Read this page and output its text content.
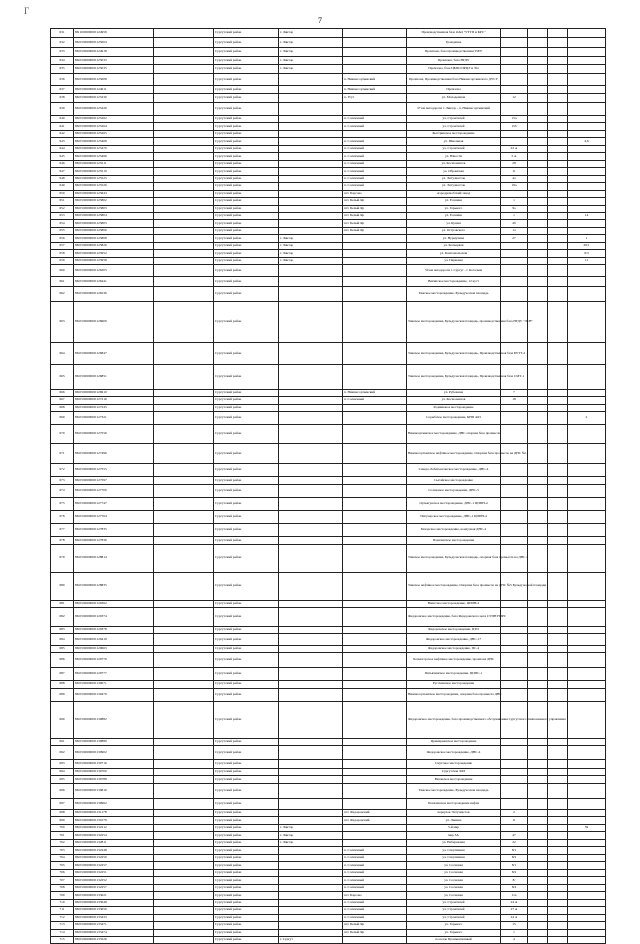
Г
7
631	86:10:0000000:124959		Сургутский район	г. Лянтор		Производственная база ОАО "УТТП и КРС"				
632	86:03:0000000:125004		Сургутский район	г. Лянтор		Гражданка				
633	86:03:0000000:124918		Сургутский район	г. Лянтор		Промзона, база производственная 35ЕУ				
634	86:03:0000000:125033		Сургутский район	г. Лянтор		Промзона, база НГДУ				
635	86:03:0000000:125035		Сургутский район	г. Лянтор		Промзона, база ЦБПО ПРЦЭ и ЭО				
636	86:03:0000000:125008		Сургутский район		п. Нижнесортымский	Промзона, Производственная база Нижнесортымского ДУСУ				
637	86:03:0000000:124611		Сургутский район		п. Нижнесортымский	Промзона				
638	86:03:0000000:125230		Сургутский район		п. Угут	ул. Молодежная	12			
639	86:03:0000000:125226		Сургутский район			37 км автодороги г. Лянтор - п. Нижнесортымский				
640	86:03:0000000:125262		Сургутский район		п. Солнечный	ул. Строителей	15а			
641	86:03:0000000:125264		Сургутский район		п. Солнечный	ул. Строителей	15б			
642	86:03:0000000:125265		Сургутский район			Быстринское месторождение				
643	86:03:0000000:125468		Сургутский район		п. Солнечный	ул. Школьная				4,6
644	86:03:0000000:125470		Сургутский район		п. Солнечный	ул. Строителей	22 А			
645	86:03:0000000:125496		Сургутский район		п. Солнечный	ул. Юности	5 А			
646	86:03:0000000:125511		Сургутский район		п. Солнечный	ул. Космонавтов	28			
647	86:03:0000000:125519		Сургутский район		п. Солнечный	ул. Обрамская	11			
648	86:03:0000000:125525		Сургутский район		п. Солнечный	ул. Энтузиастов	4а			
649	86:03:0000000:125526		Сургутский район		п. Солнечный	ул. Энтузиастов	19а			
650	86:03:0000000:125643		Сургутский район		пгт. Барсово	Аэродромобский завод				
651	86:03:0000000:125802		Сургутский район		пгт. Белый Яр	ул. Есенина	1			
652	86:03:0000000:125803		Сургутский район		пгт. Белый Яр	ул. Горького	9а			
653	86:03:0000000:125804		Сургутский район		пгт. Белый Яр	ул. Есенина	1			14
654	86:03:0000000:125805		Сургутский район		пгт. Белый Яр	ул. Кушая	4б			
655	86:03:0000000:125806		Сургутский район		пгт. Белый Яр	ул. Островского	1а			
656	86:03:0000000:125808		Сургутский район	г. Лянтор		ул. Нурмухина	27			1
657	86:03:0000000:125826		Сургутский район	г. Лянтор		ул. Кольцевая				29/1
658	86:03:0000000:125952		Сургутский район	г. Лянтор		ул. Комсомольская				6/3
659	86:03:0000000:125958		Сургутский район	г. Лянтор		ул. Парковая				11
660	86:03:0000000:126305		Сургутский район			50 км автодороги г. Сургут - г. Когалым				
661	86:03:0000000:126441		Сургутский район			Вяхинское месторождение, 12 куст				
662	86:03:0000000:126536		Сургутский район			Тяжское месторождение, Бульдуческая площадь				
663	86:03:0000000:126600		Сургутский район			Тяжское месторождение, Бульдуческая площадь, производственная база НГДУ "ЛСН"				
664	86:03:0000000:126847		Сургутский район			Тяжское месторождение, Бульдуческая площадь, Производственная база БУТТ-2				
665	86:03:0000000:126851		Сургутский район			Тяжское месторождение, Бульдуческая площадь, Производственная база СМТ-1				
666	86:03:0000000:126910		Сургутский район		п. Нижнесортымский	ул. Рубежная	7			
667	86:03:0000000:127216		Сургутский район		п. Солнечный	ул. Космонавтов	18			
668	86:03:0000000:127245		Сургутский район			Родниковое месторождение				
669	86:03:0000000:127321		Сургутский район			Сорыбское месторождение, КНП А63				2
670	86:03:0000000:127556		Сургутский район			Нижнеортымское месторождение, ДНС опорная база промысла				
671	86:03:0000000:127496		Сургутский район			Нижнесортымское нефтяное месторождение, Опорная база промысла на ДНС №1				
672	86:03:0000000:127555		Сургутский район			Северо-Лабатьюганское месторождение, ДНС-4				
673	86:03:0000000:127597		Сургутский район			Сыгайское месторождение				
674	86:03:0000000:127700		Сургутский район			Солнечное месторождение, ДНС-3				
675	86:03:0000000:127747		Сургутский район			Ортьягунское месторождение, ДНС-1 ЦППН-4				
676	86:03:0000000:127764		Сургутский район			Ингузерское месторождение, ДНС-1 ЦППН-4				
677	86:03:0000000:127835		Сургутский район			Бахорское месторождение, кондусная ДНС-4				
678	86:03:0000000:127836		Сургутский район			Покачевское месторождение				
679	86:03:0000000:128814		Сургутский район			Тяжское месторождение, Бульдуческая площадь, опорная база промысла на ДНС 2				
680	86:03:0000000:128835		Сургутский район			Тяжское нефтяное месторождение, Опорная база промысла на ДНС №5 Бульдуческой площади				
681	86:03:0000000:129362		Сургутский район			Вынгское месторождение, ЦППН-2				
682	86:03:0000000:129374		Сургутский район			Федоровское месторождение, база Федоровского цеха СУПН НЭРС				
683	86:03:0000000:129378		Сургутский район			Федоровское месторождение, ЦТО				
684	86:03:0000000:129419		Сургутский район			Федоровское месторождение, ДНС-17				
685	86:03:0000000:129663		Сургутский район			Федоровское месторождение, ПС-4				
686	86:03:0000000:129779		Сургутский район			Холмогорское нефтяное месторождение, промзона ДНС				
687	86:03:0000000:129777		Сургутский район			Пятьяхинское месторождение, ЦППС-1				
688	86:03:0000000:130071		Сургутский район			Русскинское месторождение				
689	86:03:0000000:130470		Сургутский район			Нижнесортымское месторождение, опорная база промысла ДНС				
690	86:03:0000000:130882		Сургутский район			Федоровское месторождение, база производственного обслуживания Сургутского тампонажного управления				
691	86:03:0000000:130889		Сургутский район			Цримерьянское месторождение				
692	86:03:0000000:130902		Сургутский район			Федоровское месторождение, ДНС-4				
693	86:03:0000000:130716		Сургутский район			Смутское месторождение				
694	86:03:0000000:130700		Сургутский район			Сургутская ЗОЛ				
695	86:03:0000000:130788		Сургутский район			Вязовское месторождение				
696	86:03:0000000:130816		Сургутский район			Тяжское месторождение, Бульдуческая площадь				
697	86:03:0000000:130962		Сургутский район			Покачевское месторождение нефти				
698	86:03:0000000:131178		Сургутский район		пгт. Федоровский	переулок Энтузиастов	2			
699	86:03:0000000:131079		Сургутский район		пгт. Федоровский	ул. Ленина	11			
700	86:03:0000000:132212		Сургутский район	г. Лянтор		5-й мкр				59
701	86:03:0000000:132254		Сургутский район	г. Лянтор		мкр 3А	47			
702	86:03:0000000:132811		Сургутский район	г. Лянтор		ул. Набережная	22			
703	86:03:0000000:132248		Сургутский район		п. Солнечный	ул. Спортивная	8/1			
704	86:03:0000000:132250		Сургутский район		п. Солнечный	ул. Спортивная	8/2			
705	86:03:0000000:132257		Сургутский район		п. Солнечный	ул. Сосновая	8/1			
706	86:03:0000000:132251		Сургутский район		п. Солнечный	ул. Сосновая	8/2			
707	86:03:0000000:132252		Сургутский район		п. Солнечный	ул. Сосновая	8/			
708	86:03:0000000:132257		Сургутский район		п. Солнечный	ул. Сосновая	8/4			
709	86:03:0000000:133021		Сургутский район		пгт. Барсово	ул. Сосновая	11а			
710	86:03:0000000:133048		Сургутский район		п. Солнечный	ул. Строителей	24 А			
711	86:03:0000000:133050		Сургутский район		п. Солнечный	ул. Строителей	27 А			
712	86:03:0000000:133433		Сургутский район		п. Солнечный	ул. Строителей	24 А			
713	86:03:0000000:133471		Сургутский район		пгт. Белый Яр	ул. Горького	15			
714	86:03:0000000:133474		Сургутский район		пгт. Белый Яр	ул. Горького	1			
715	86:03:0000000:133526		Сургутский район	г. Сургут		поселок Промышленный	4			
